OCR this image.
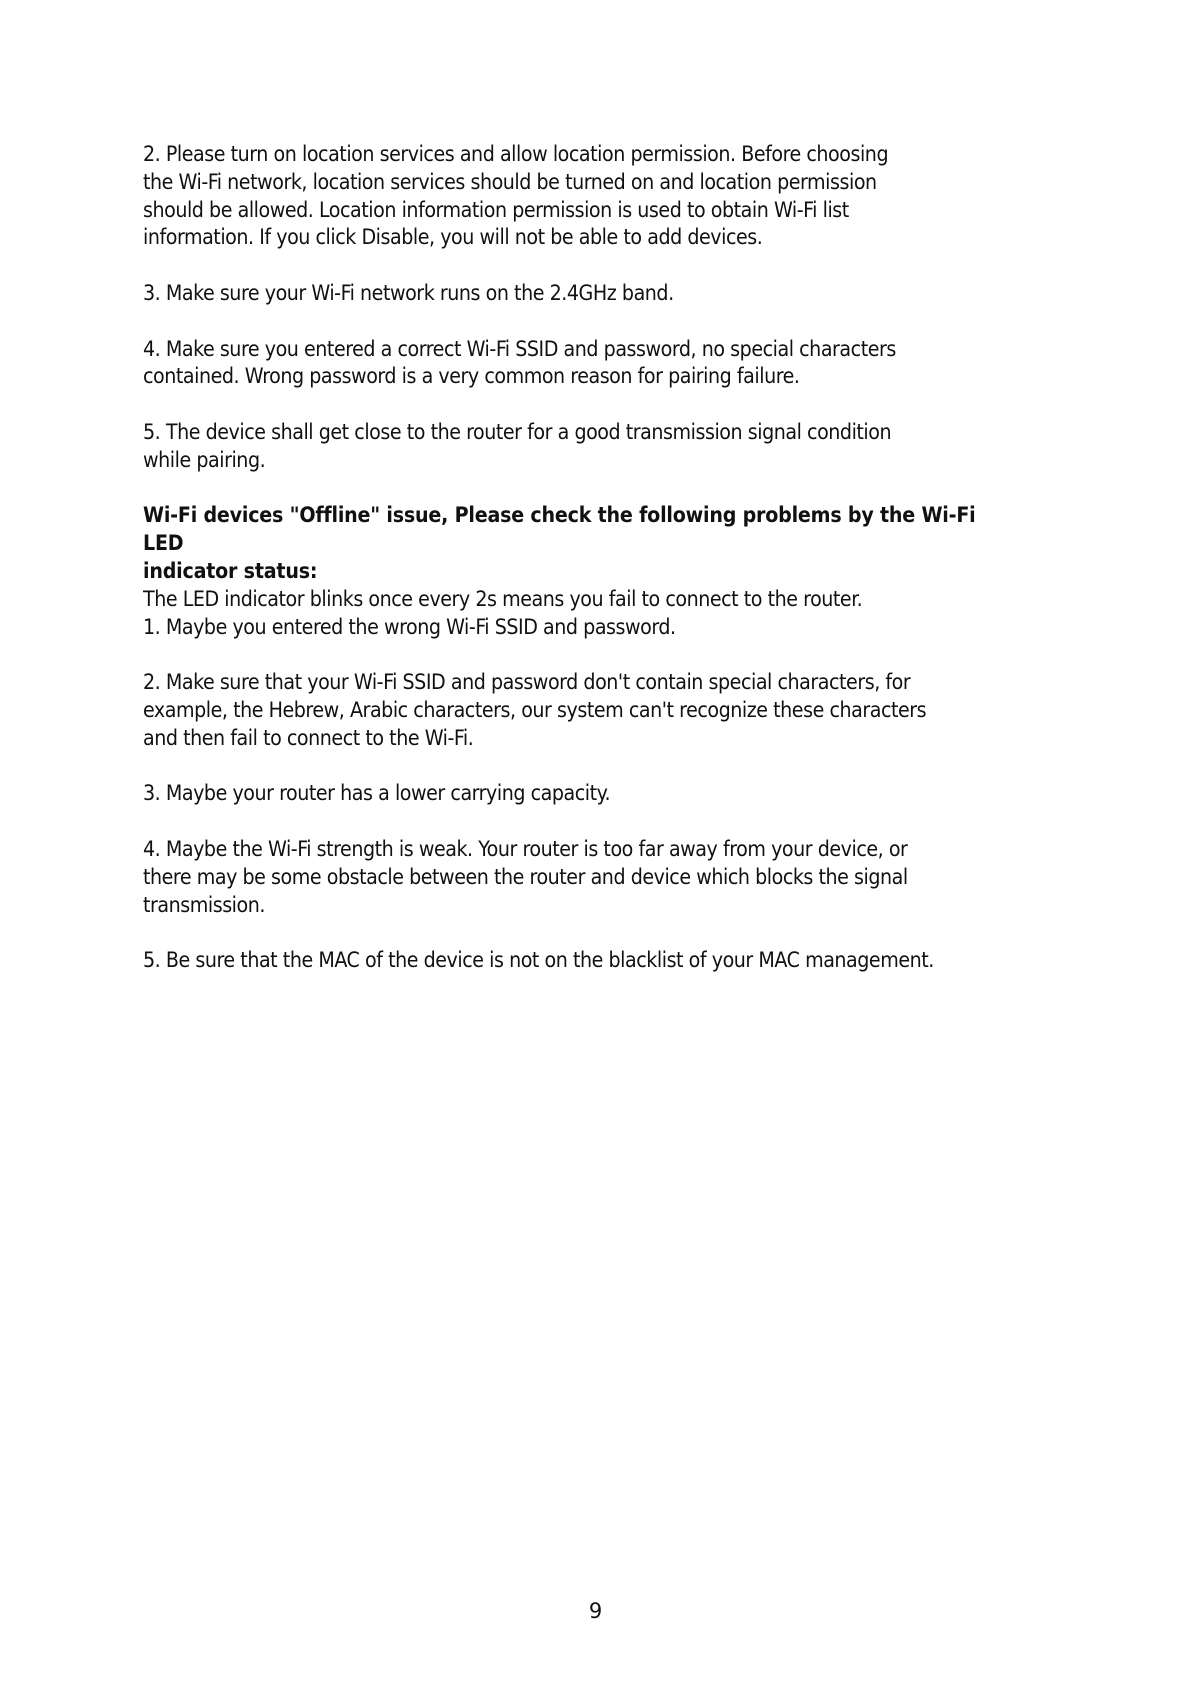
2. Please turn on location services and allow location permission. Before choosing
the Wi-Fi network, location services should be turned on and location permission
should be allowed. Location information permission is used to obtain Wi-Fi list
information. If you click Disable, you will not be able to add devices.

3. Make sure your Wi-Fi network runs on the 2.4GHz band.

4. Make sure you entered a correct Wi-Fi SSID and password, no special characters
contained. Wrong password is a very common reason for pairing failure.

5. The device shall get close to the router for a good transmission signal condition
while pairing.

Wi-Fi devices "Offline" issue, Please check the following problems by the Wi-Fi
LED
indicator status:

The LED indicator blinks once every 2s means you fail to connect to the router.

1. Maybe you entered the wrong Wi-Fi SSID and password.

2. Make sure that your Wi-Fi SSID and password don't contain special characters, for
example, the Hebrew, Arabic characters, our system can't recognize these characters
and then fail to connect to the Wi-Fi.

3. Maybe your router has a lower carrying capacity.

4. Maybe the Wi-Fi strength is weak. Your router is too far away from your device, or
there may be some obstacle between the router and device which blocks the signal
transmission.

5. Be sure that the MAC of the device is not on the blacklist of your MAC management.

9
